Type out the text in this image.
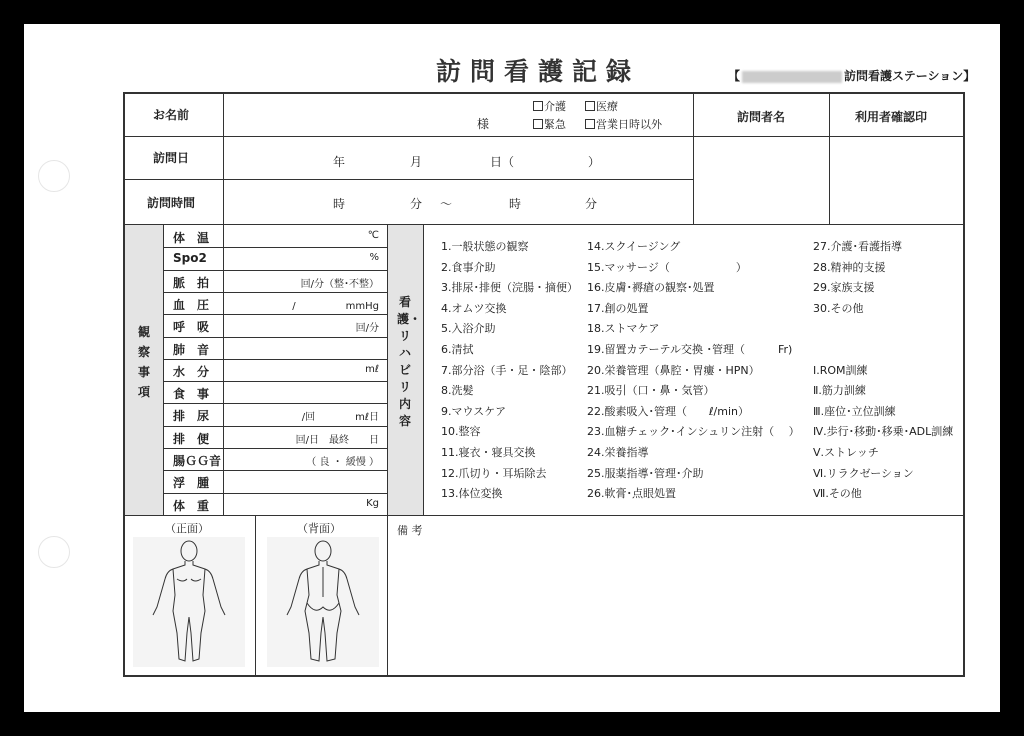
訪問看護記録	【	訪問看護ステーション】
お名前
様
介護	医療
緊急	営業日時以外
訪問者名	利用者確認印
訪問日	年	月	日（	）
訪問時間	時	分 ～	時	分
観察事項
看護・リハビリ内容
体　温	℃
Spo2	%
脈　拍	回/分（整･不整）
血　圧	/　　　　　mmHg
呼　吸	回/分
肺　音
水　分	mℓ
食　事
排　尿	/回　　　　mℓ日
排　便	回/日　最終　　日
腸ＧＧ音	（ 良 ・ 緩慢 ）
浮　腫
体　重	Kg
1.一般状態の観察
2.食事介助
3.排尿･排便（浣腸・摘便）
4.オムツ交換
5.入浴介助
6.清拭
7.部分浴（手・足・陰部）
8.洗髪
9.マウスケア
10.整容
11.寝衣・寝具交換
12.爪切り・耳垢除去
13.体位変換
14.スクイージング
15.マッサージ（　　　　　　）
16.皮膚･褥瘡の観察･処置
17.創の処置
18.ストマケア
19.留置カテーテル交換 ･管理（　　　Fr)
20.栄養管理（鼻腔・胃瘻・HPN）
21.吸引（口・鼻・気管）
22.酸素吸入･管理（　　ℓ/min）
23.血糖チェック･インシュリン注射（　 ）
24.栄養指導
25.服薬指導･管理･介助
26.軟膏･点眼処置
27.介護･看護指導
28.精神的支援
29.家族支援
30.その他
Ⅰ.ROM訓練
Ⅱ.筋力訓練
Ⅲ.座位･立位訓練
Ⅳ.歩行･移動･移乗･ADL訓練
Ⅴ.ストレッチ
Ⅵ.リラクゼーション
Ⅶ.その他
（正面）	（背面）	備 考
